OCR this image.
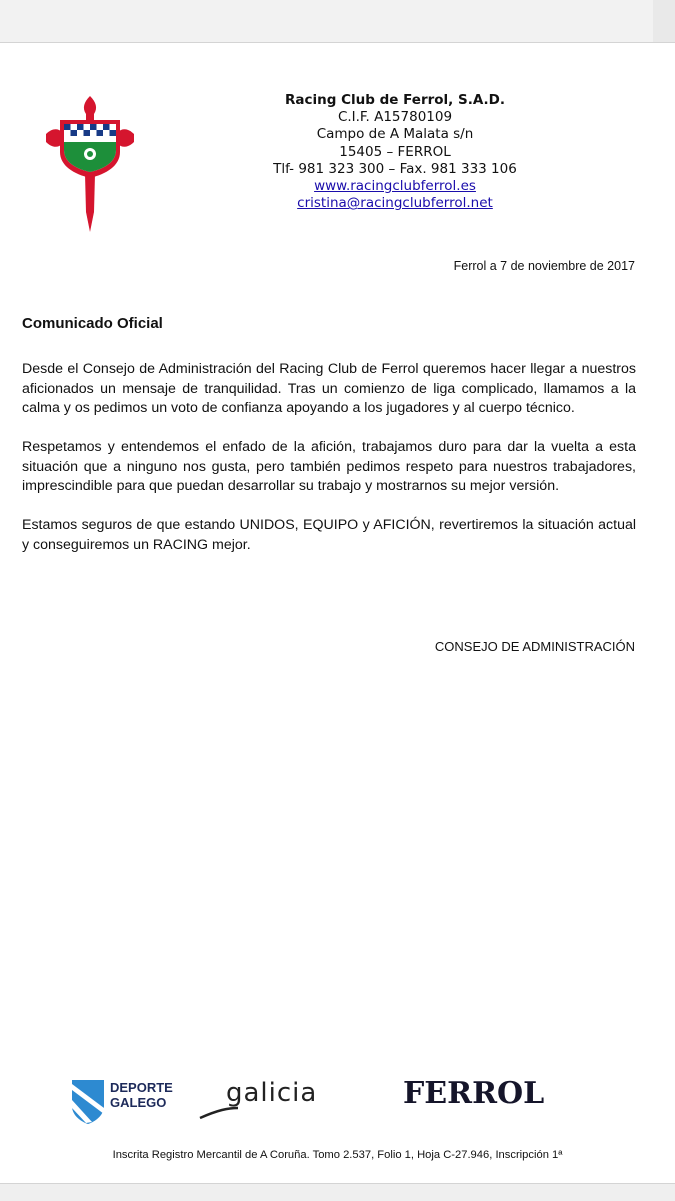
Racing Club de Ferrol, S.A.D.
C.I.F. A15780109
Campo de A Malata s/n
15405 – FERROL
Tlf- 981 323 300 – Fax. 981 333 106
www.racingclubferrol.es
cristina@racingclubferrol.net
Ferrol a 7 de noviembre de 2017
Comunicado Oficial

Desde el Consejo de Administración del Racing Club de Ferrol queremos hacer llegar a nuestros aficionados un mensaje de tranquilidad. Tras un comienzo de liga complicado, llamamos a la calma y os pedimos un voto de confianza apoyando a los jugadores y al cuerpo técnico.

Respetamos y entendemos el enfado de la afición, trabajamos duro para dar la vuelta a esta situación que a ninguno nos gusta, pero también pedimos respeto para nuestros trabajadores, imprescindible para que puedan desarrollar su trabajo y mostrarnos su mejor versión.

Estamos seguros de que estando UNIDOS, EQUIPO y AFICIÓN, revertiremos la situación actual y conseguiremos un RACING mejor.

CONSEJO DE ADMINISTRACIÓN
DEPORTE
GALEGO galicia	FERROL
Inscrita Registro Mercantil de A Coruña. Tomo 2.537, Folio 1, Hoja C-27.946, Inscripción 1ª
